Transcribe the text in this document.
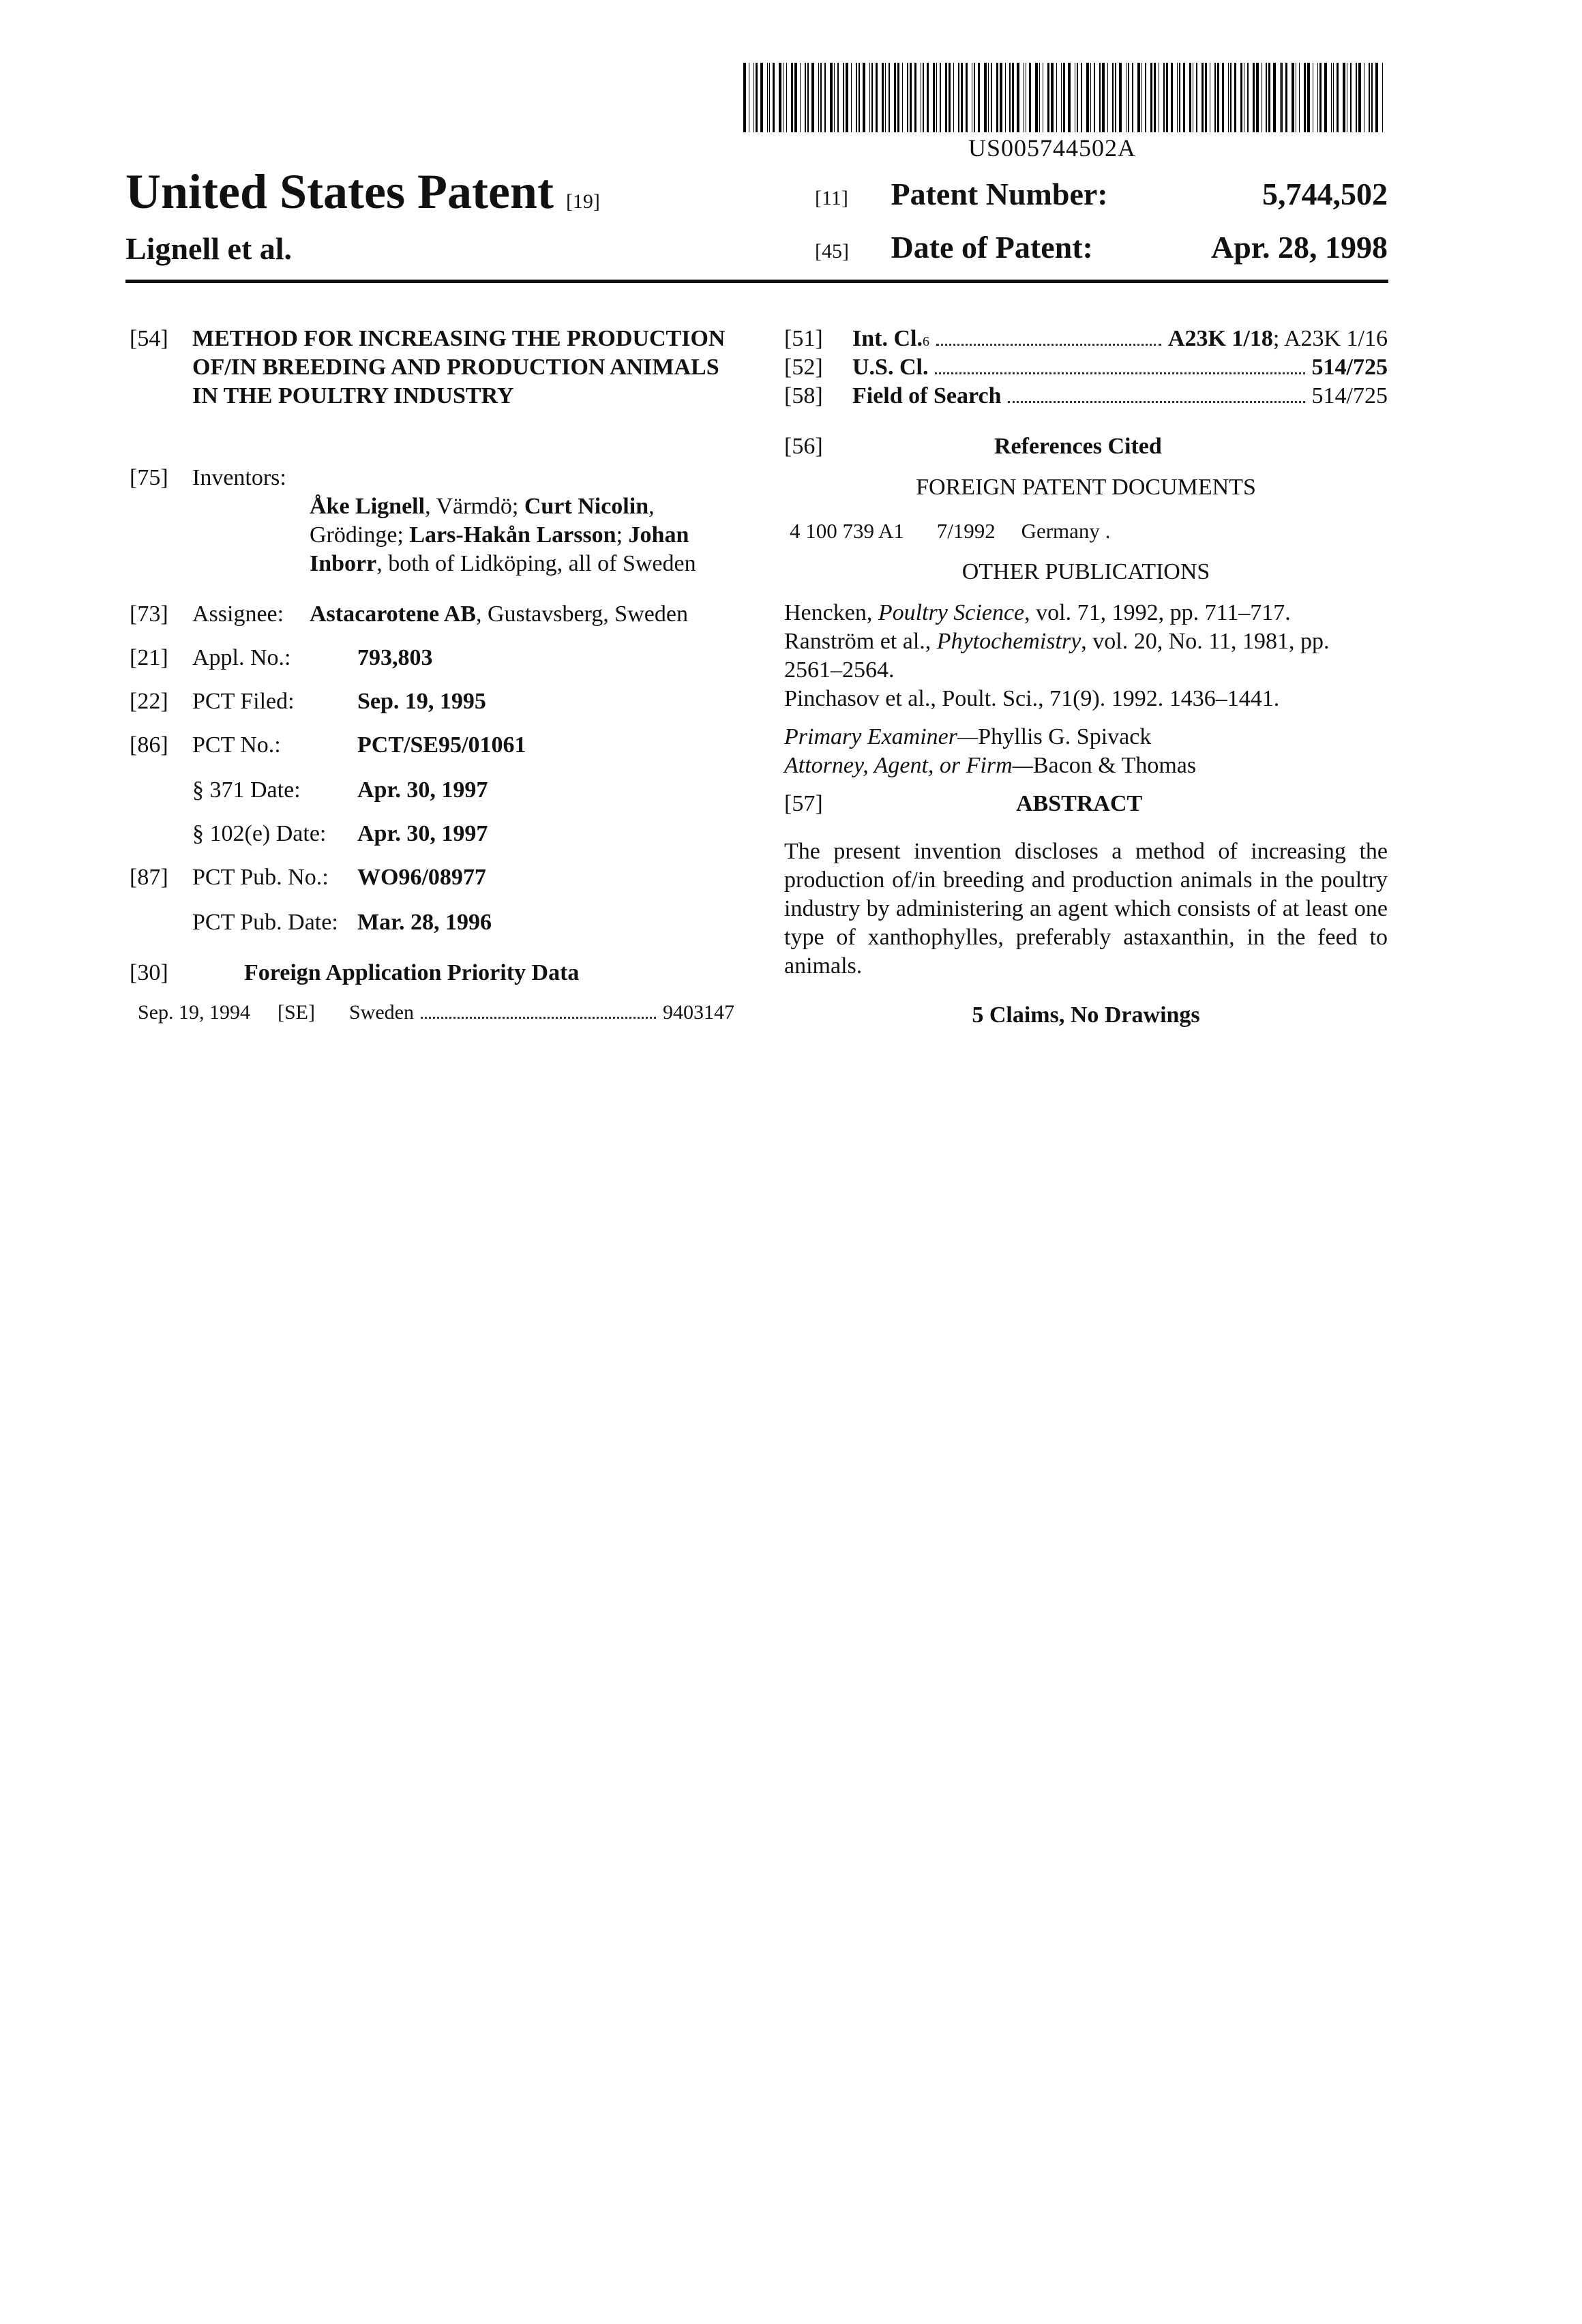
US005744502A
United States Patent [19]
Lignell et al.
[11] Patent Number:	5,744,502
[45] Date of Patent:	Apr. 28, 1998
[54] METHOD FOR INCREASING THE PRODUCTION OF/IN BREEDING AND PRODUCTION ANIMALS IN THE POULTRY INDUSTRY
[75] Inventors:
Åke Lignell, Värmdö; Curt Nicolin, Grödinge; Lars-Hakån Larsson; Johan Inborr, both of Lidköping, all of Sweden
[73] Assignee: Astacarotene AB, Gustavsberg, Sweden
[21] Appl. No.:	793,803
[22] PCT Filed:	Sep. 19, 1995
[86] PCT No.:	PCT/SE95/01061
§ 371 Date: Apr. 30, 1997
§ 102(e) Date: Apr. 30, 1997
[87] PCT Pub. No.: WO96/08977
PCT Pub. Date: Mar. 28, 1996
[30]	Foreign Application Priority Data
Sep. 19, 1994 [SE] Sweden	9403147
[51]	Int. Cl. 6	A23K 1/18 ; A23K 1/16
[52]	U.S. Cl.	514/725
[58]	Field of Search	514/725
[56]	References Cited
FOREIGN PATENT DOCUMENTS
4 100 739 A1 7/1992 Germany .
OTHER PUBLICATIONS

Hencken, Poultry Science, vol. 71, 1992, pp. 711–717.

Ranström et al., Phytochemistry, vol. 20, No. 11, 1981, pp. 2561–2564.

Pinchasov et al., Poult. Sci., 71(9). 1992. 1436–1441.

Primary Examiner—Phyllis G. Spivack

Attorney, Agent, or Firm—Bacon & Thomas

[57]	ABSTRACT
The present invention discloses a method of increasing the production of/in breeding and production animals in the poultry industry by administering an agent which consists of at least one type of xanthophylles, preferably astaxanthin, in the feed to animals.
5 Claims, No Drawings
